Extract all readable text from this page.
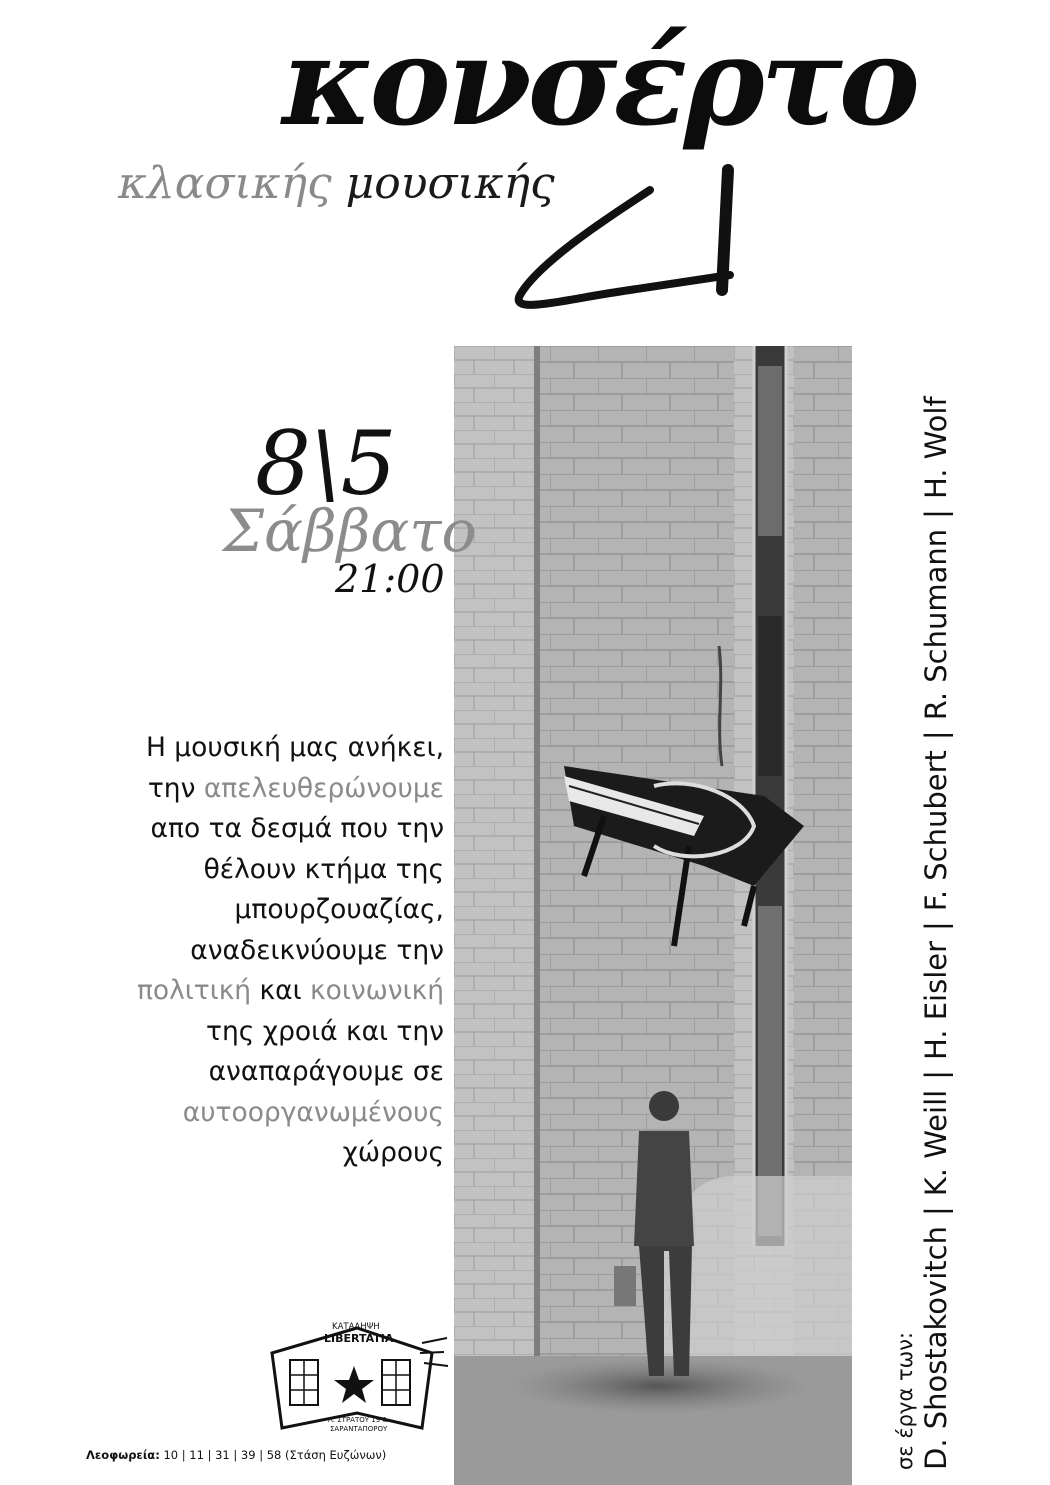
κονσέρτο
κλασικής μουσικής
8\5
Σάββατο
21:00
Η μουσική μας ανήκει,
την απελευθερώνουμε
απο τα δεσμά που την
θέλουν κτήμα της
μπουρζουαζίας,
αναδεικνύουμε την
πολιτική και κοινωνική
της χροιά και την
αναπαράγουμε σε
αυτοοργανωμένους
χώρους
σε έργα των: D. Shostakovitch|K. Weill|H. Eisler|F. Schubert|R. Schumann|H. Wolf
ΚΑΤΑΛΗΨΗ
LIBERTATIA
Λ. ΣΤΡΑΤΟΥ 19 &
ΣΑΡΑΝΤΑΠΟΡΟΥ
Λεοφωρεία: 10 | 11 | 31 | 39 | 58 (Στάση Ευζώνων)
